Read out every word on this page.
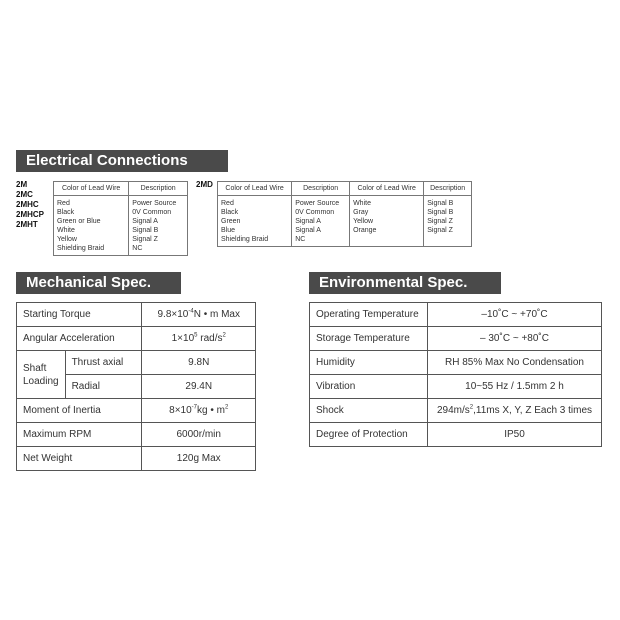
Electrical Connections
2M
2MC
2MHC
2MHCP
2MHT
Color of Lead Wire	Description
Red	Power Source
Black	0V Common
Green or Blue	Signal A
White	Signal B
Yellow	Signal Z
Shielding Braid	NC
2MD Color of Lead Wire	Description	Color of Lead Wire	Description
Red	Power Source	White	Signal B
Black	0V Common	Gray	Signal B
Green	Signal A	Yellow	Signal Z
Blue	Signal A	Orange	Signal Z
Shielding Braid	NC		
Mechanical Spec.
Starting Torque		$9.8\times 10^{-4}N$ • m Max
Angular Acceleration		$1\times 10^5$ rad/$s^2$
Shaft Loading	Thrust axial	9.8N
	Radial	29.4N
Moment of Inertia		$8\times 10^{-7}kg$ • $m^2$
Maximum RPM		6000r/min
Net Weight		120g Max
Environmental Spec.
Operating Temperature	–10˚C ~ +70˚C
Storage Temperature	– 30˚C ~ +80˚C
Humidity	RH 85% Max No Condensation
Vibration	10~55 Hz / 1.5mm 2 h
Shock	$294m/s^2,11ms$ X, Y, Z Each 3 times
Degree of Protection	IP50
